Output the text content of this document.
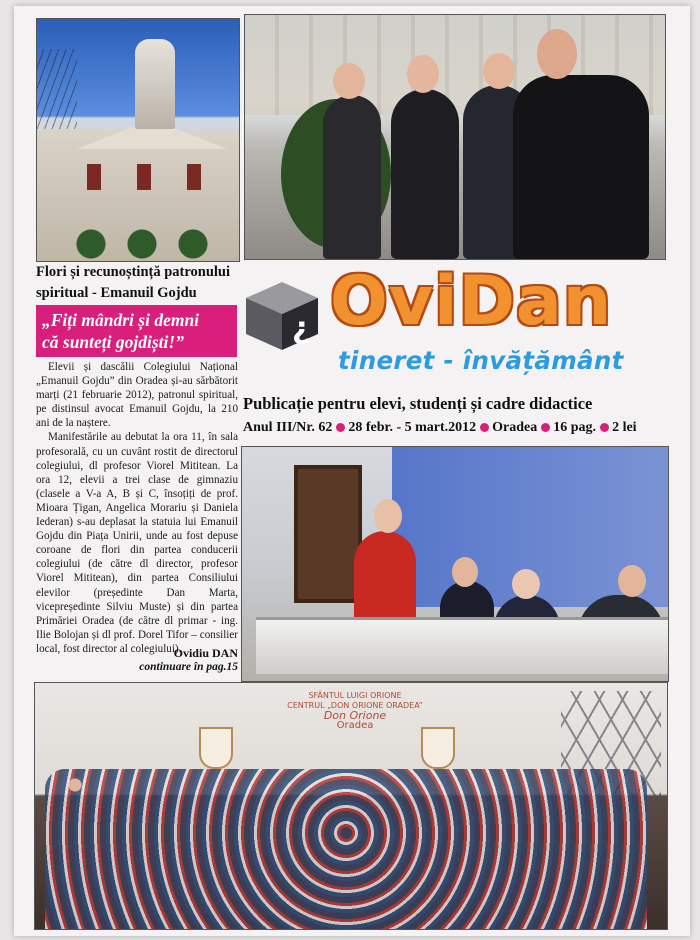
Flori și recunoștință patronului
spiritual - Emanuil Gojdu
„Fiți mândri și demni
că sunteți gojdiști!”

Elevii și dascălii Colegiului Național „Emanuil Gojdu” din Oradea și-au sărbătorit marți (21 februarie 2012), patronul spiritual, pe distinsul avocat Emanuil Gojdu, la 210 ani de la naștere.

Manifestările au debutat la ora 11, în sala profesorală, cu un cuvânt rostit de directorul colegiului, dl profesor Viorel Mititean. La ora 12, elevii a trei clase de gimnaziu (clasele a V-a A, B și C, însoțiți de prof. Mioara Țigan, Angelica Morariu și Daniela Iederan) s-au deplasat la statuia lui Emanuil Gojdu din Piața Unirii, unde au fost depuse coroane de flori din partea conducerii colegiului (de către dl director, profesor Viorel Mititean), din partea Consiliului elevilor (președinte Dan Marta, vicepreședinte Silviu Muste) și din partea Primăriei Oradea (de către dl primar - ing. Ilie Bolojan și dl prof. Dorel Tifor – consilier local, fost director al colegiului).

Ovidiu DAN
continuare în pag.15
¿ OviDan
tineret - învățământ
Publicație pentru elevi, studenți și cadre didactice
Anul III/Nr. 62 28 febr. - 5 mart.2012 Oradea 16 pag. 2 lei
SFÂNTUL LUIGI ORIONE
CENTRUL „DON ORIONE ORADEA”
Don Orione
Oradea
